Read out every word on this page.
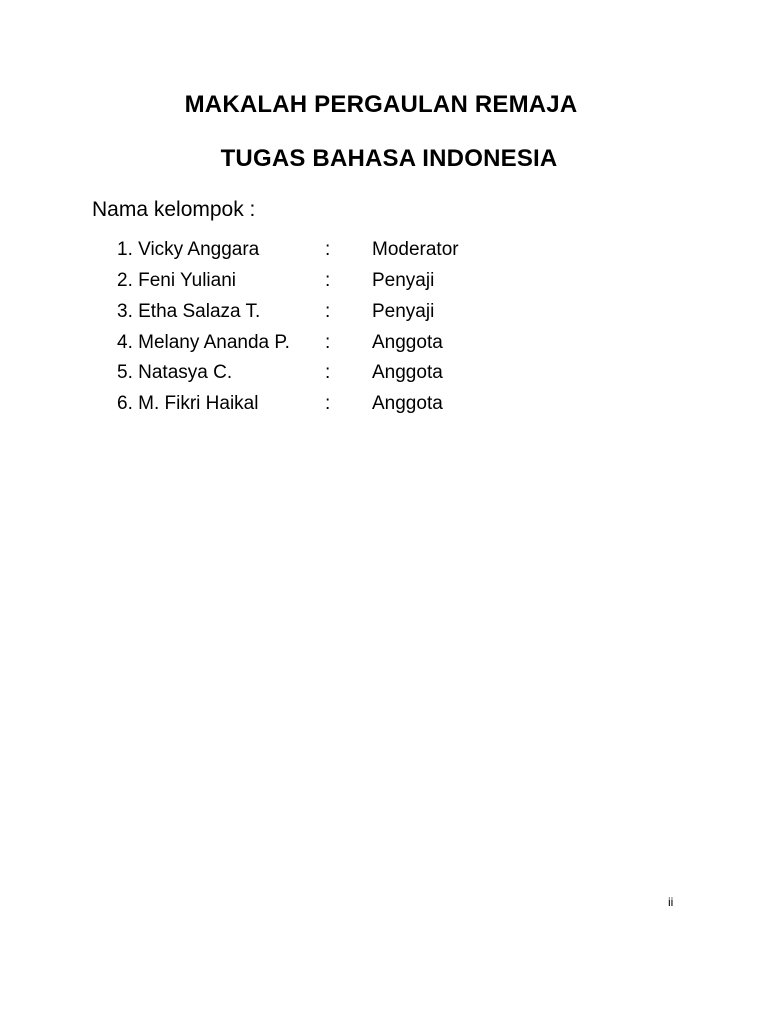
MAKALAH PERGAULAN REMAJA
TUGAS BAHASA INDONESIA

Nama kelompok :

1. Vicky Anggara	: Moderator
2. Feni Yuliani	: Penyaji
3. Etha Salaza T.	: Penyaji
4. Melany Ananda P. : Anggota
5. Natasya C.	: Anggota
6. M. Fikri Haikal	: Anggota
ii
